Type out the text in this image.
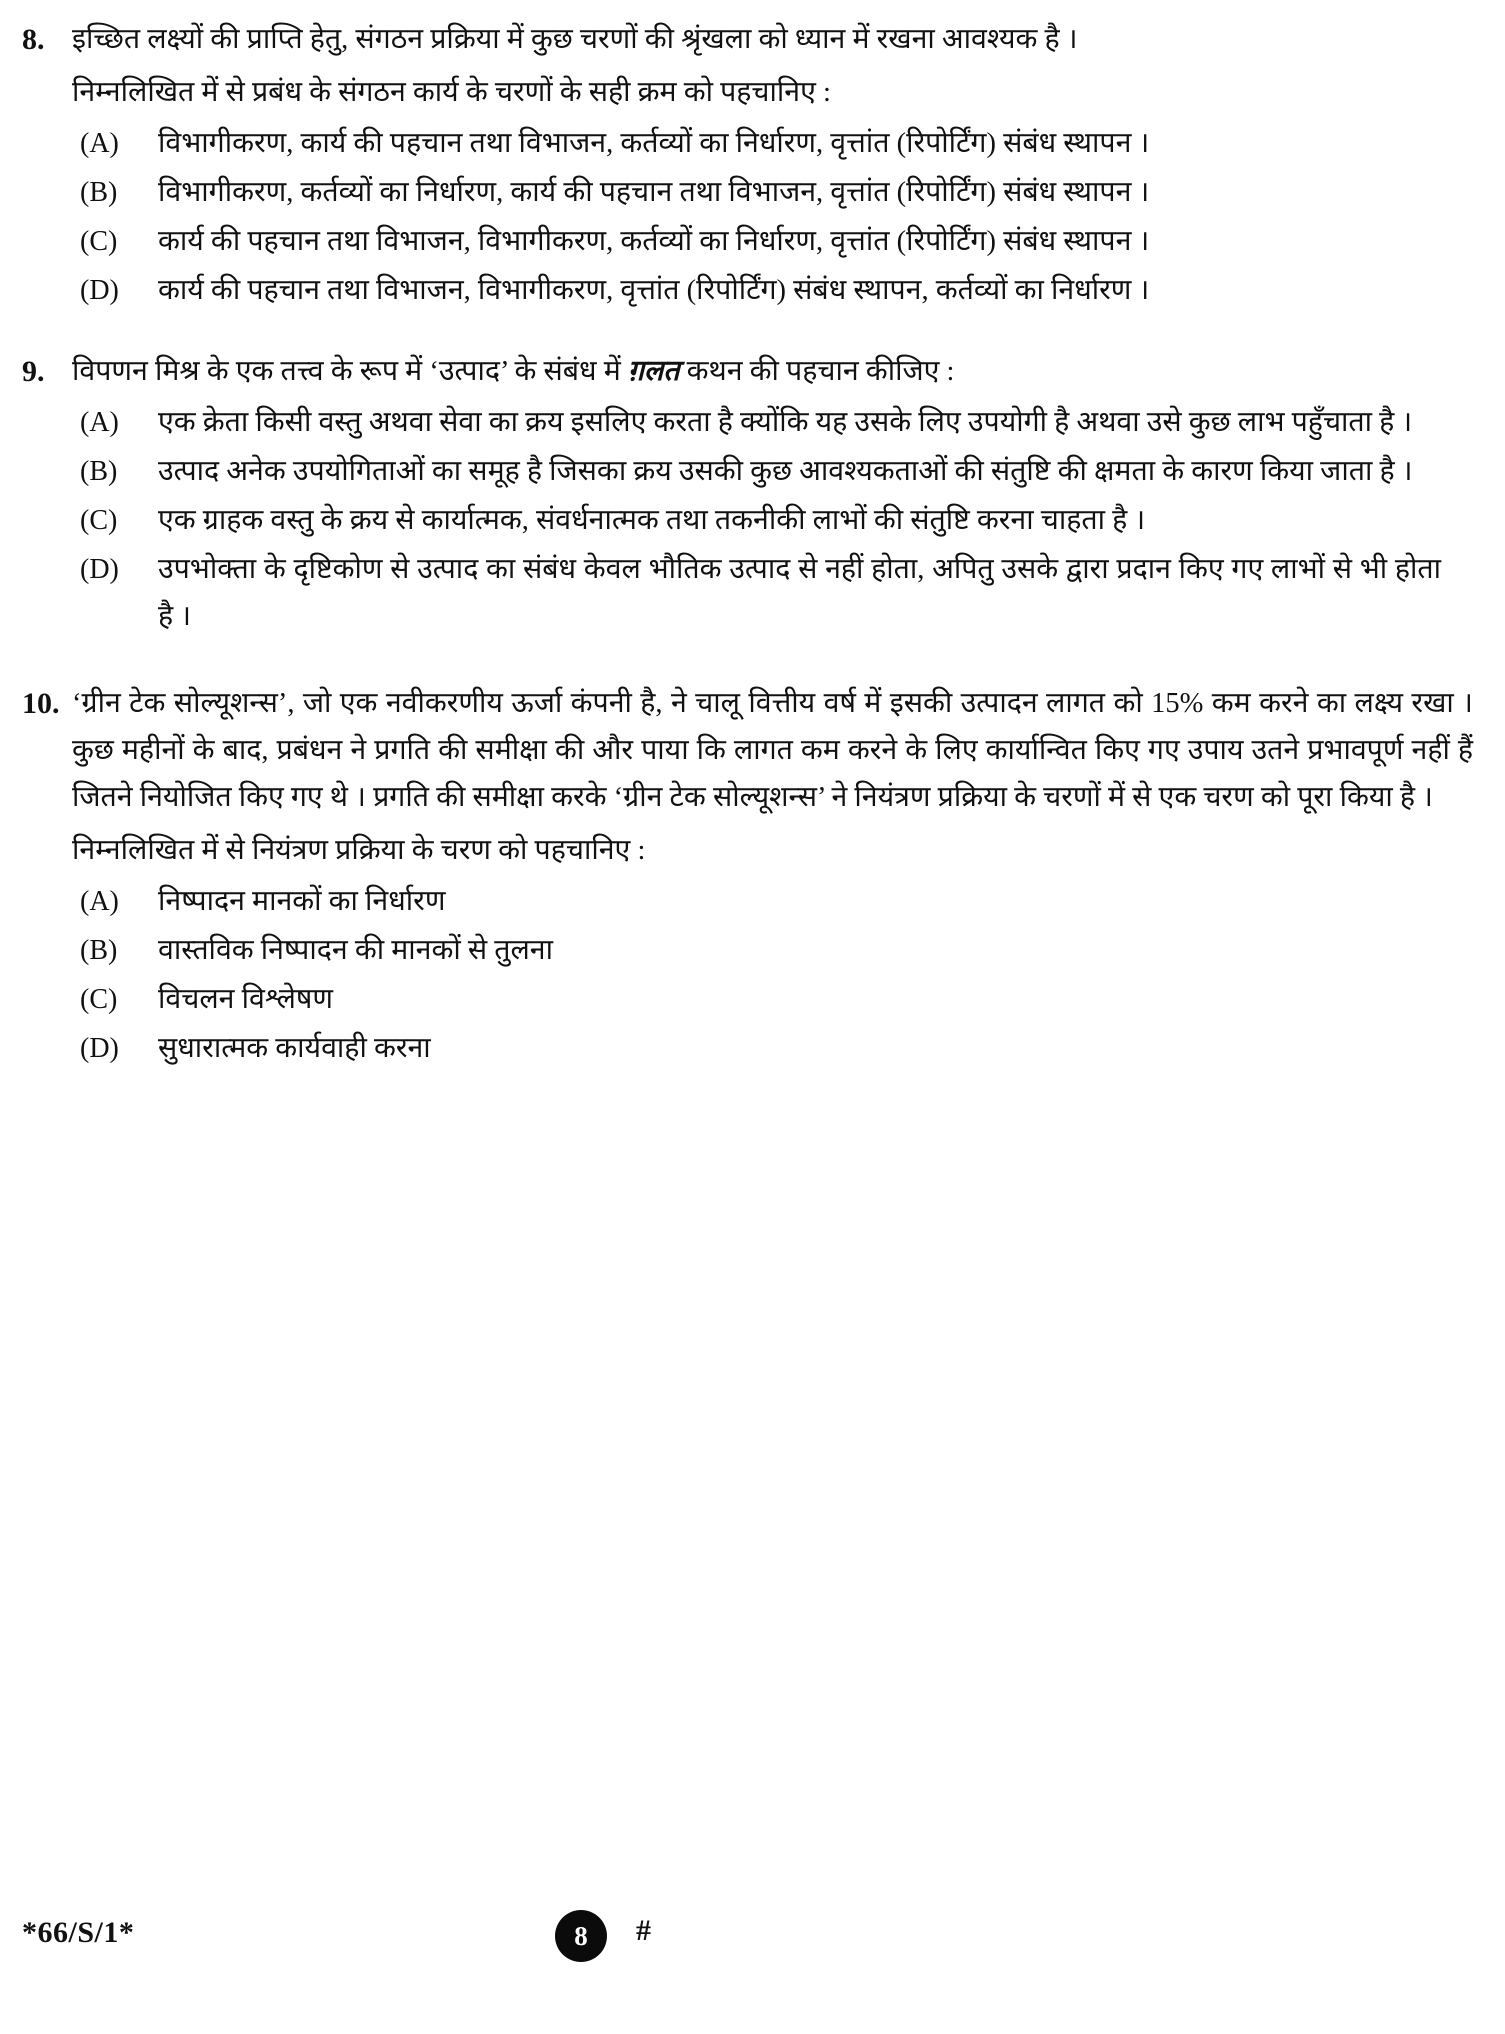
8. इच्छित लक्ष्यों की प्राप्ति हेतु, संगठन प्रक्रिया में कुछ चरणों की श्रृंखला को ध्यान में रखना आवश्यक है ।

निम्नलिखित में से प्रबंध के संगठन कार्य के चरणों के सही क्रम को पहचानिए :

(A)	विभागीकरण, कार्य की पहचान तथा विभाजन, कर्तव्यों का निर्धारण, वृत्तांत (रिपोर्टिंग) संबंध स्थापन ।
(B)	विभागीकरण, कर्तव्यों का निर्धारण, कार्य की पहचान तथा विभाजन, वृत्तांत (रिपोर्टिंग) संबंध स्थापन ।
(C)	कार्य की पहचान तथा विभाजन, विभागीकरण, कर्तव्यों का निर्धारण, वृत्तांत (रिपोर्टिंग) संबंध स्थापन ।
(D)	कार्य की पहचान तथा विभाजन, विभागीकरण, वृत्तांत (रिपोर्टिंग) संबंध स्थापन, कर्तव्यों का निर्धारण ।
9. विपणन मिश्र के एक तत्त्व के रूप में ‘उत्पाद’ के संबंध में ग़लत कथन की पहचान कीजिए :

(A)	एक क्रेता किसी वस्तु अथवा सेवा का क्रय इसलिए करता है क्योंकि यह उसके लिए उपयोगी है अथवा उसे कुछ लाभ पहुँचाता है ।
(B)	उत्पाद अनेक उपयोगिताओं का समूह है जिसका क्रय उसकी कुछ आवश्यकताओं की संतुष्टि की क्षमता के कारण किया जाता है ।
(C)	एक ग्राहक वस्तु के क्रय से कार्यात्मक, संवर्धनात्मक तथा तकनीकी लाभों की संतुष्टि करना चाहता है ।
(D)	उपभोक्ता के दृष्टिकोण से उत्पाद का संबंध केवल भौतिक उत्पाद से नहीं होता, अपितु उसके द्वारा प्रदान किए गए लाभों से भी होता है ।
10. ‘ग्रीन टेक सोल्यूशन्स’, जो एक नवीकरणीय ऊर्जा कंपनी है, ने चालू वित्तीय वर्ष में इसकी उत्पादन लागत को 15% कम करने का लक्ष्य रखा । कुछ महीनों के बाद, प्रबंधन ने प्रगति की समीक्षा की और पाया कि लागत कम करने के लिए कार्यान्वित किए गए उपाय उतने प्रभावपूर्ण नहीं हैं जितने नियोजित किए गए थे । प्रगति की समीक्षा करके ‘ग्रीन टेक सोल्यूशन्स’ ने नियंत्रण प्रक्रिया के चरणों में से एक चरण को पूरा किया है ।

निम्नलिखित में से नियंत्रण प्रक्रिया के चरण को पहचानिए :

(A)	निष्पादन मानकों का निर्धारण
(B)	वास्तविक निष्पादन की मानकों से तुलना
(C)	विचलन विश्लेषण
(D)	सुधारात्मक कार्यवाही करना
*66/S/1*	8	#
